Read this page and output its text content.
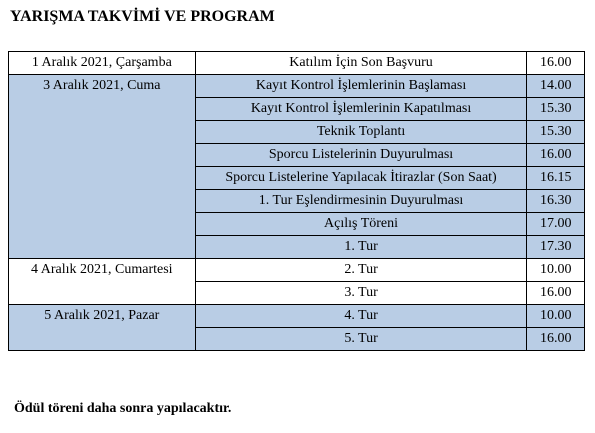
YARIŞMA TAKVİMİ VE PROGRAM
1 Aralık 2021, Çarşamba	Katılım İçin Son Başvuru	16.00
3 Aralık 2021, Cuma	Kayıt Kontrol İşlemlerinin Başlaması	14.00
	Kayıt Kontrol İşlemlerinin Kapatılması	15.30
	Teknik Toplantı	15.30
	Sporcu Listelerinin Duyurulması	16.00
	Sporcu Listelerine Yapılacak İtirazlar (Son Saat)	16.15
	1. Tur Eşlendirmesinin Duyurulması	16.30
	Açılış Töreni	17.00
	1. Tur	17.30
4 Aralık 2021, Cumartesi	2. Tur	10.00
	3. Tur	16.00
5 Aralık 2021, Pazar	4. Tur	10.00
	5. Tur	16.00
Ödül töreni daha sonra yapılacaktır.
